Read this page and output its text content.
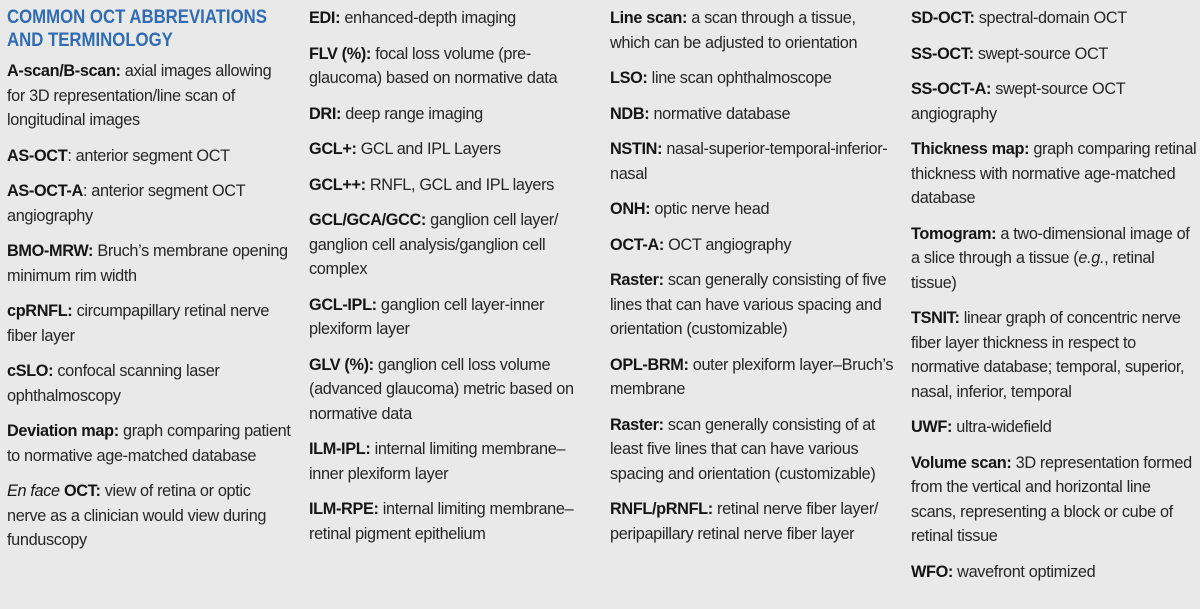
COMMON OCT ABBREVIATIONS AND TERMINOLOGY
A-scan/B-scan: axial images allowing for 3D representation/line scan of longitudinal images
AS-OCT: anterior segment OCT
AS-OCT-A: anterior segment OCT angiography
BMO-MRW: Bruch’s membrane opening minimum rim width
cpRNFL: circumpapillary retinal nerve fiber layer
cSLO: confocal scanning laser ophthalmoscopy
Deviation map: graph comparing patient to normative age-matched database
En face OCT: view of retina or optic nerve as a clinician would view during funduscopy
EDI: enhanced-depth imaging
FLV (%): focal loss volume (pre-glaucoma) based on normative data
DRI: deep range imaging
GCL+: GCL and IPL Layers
GCL++: RNFL, GCL and IPL layers
GCL/GCA/GCC: ganglion cell layer/ ganglion cell analysis/ganglion cell complex
GCL-IPL: ganglion cell layer-inner plexiform layer
GLV (%): ganglion cell loss volume (advanced glaucoma) metric based on normative data
ILM-IPL: internal limiting membrane–inner plexiform layer
ILM-RPE: internal limiting membrane–retinal pigment epithelium
Line scan: a scan through a tissue, which can be adjusted to orientation
LSO: line scan ophthalmoscope
NDB: normative database
NSTIN: nasal-superior-temporal-inferior-nasal
ONH: optic nerve head
OCT-A: OCT angiography
Raster: scan generally consisting of five lines that can have various spacing and orientation (customizable)
OPL-BRM: outer plexiform layer–Bruch’s membrane
Raster: scan generally consisting of at least five lines that can have various spacing and orientation (customizable)
RNFL/pRNFL: retinal nerve fiber layer/ peripapillary retinal nerve fiber layer
SD-OCT: spectral-domain OCT
SS-OCT: swept-source OCT
SS-OCT-A: swept-source OCT angiography
Thickness map: graph comparing retinal thickness with normative age-matched database
Tomogram: a two-dimensional image of a slice through a tissue (e.g., retinal tissue)
TSNIT: linear graph of concentric nerve fiber layer thickness in respect to normative database; temporal, superior, nasal, inferior, temporal
UWF: ultra-widefield
Volume scan: 3D representation formed from the vertical and horizontal line scans, representing a block or cube of retinal tissue
WFO: wavefront optimized
